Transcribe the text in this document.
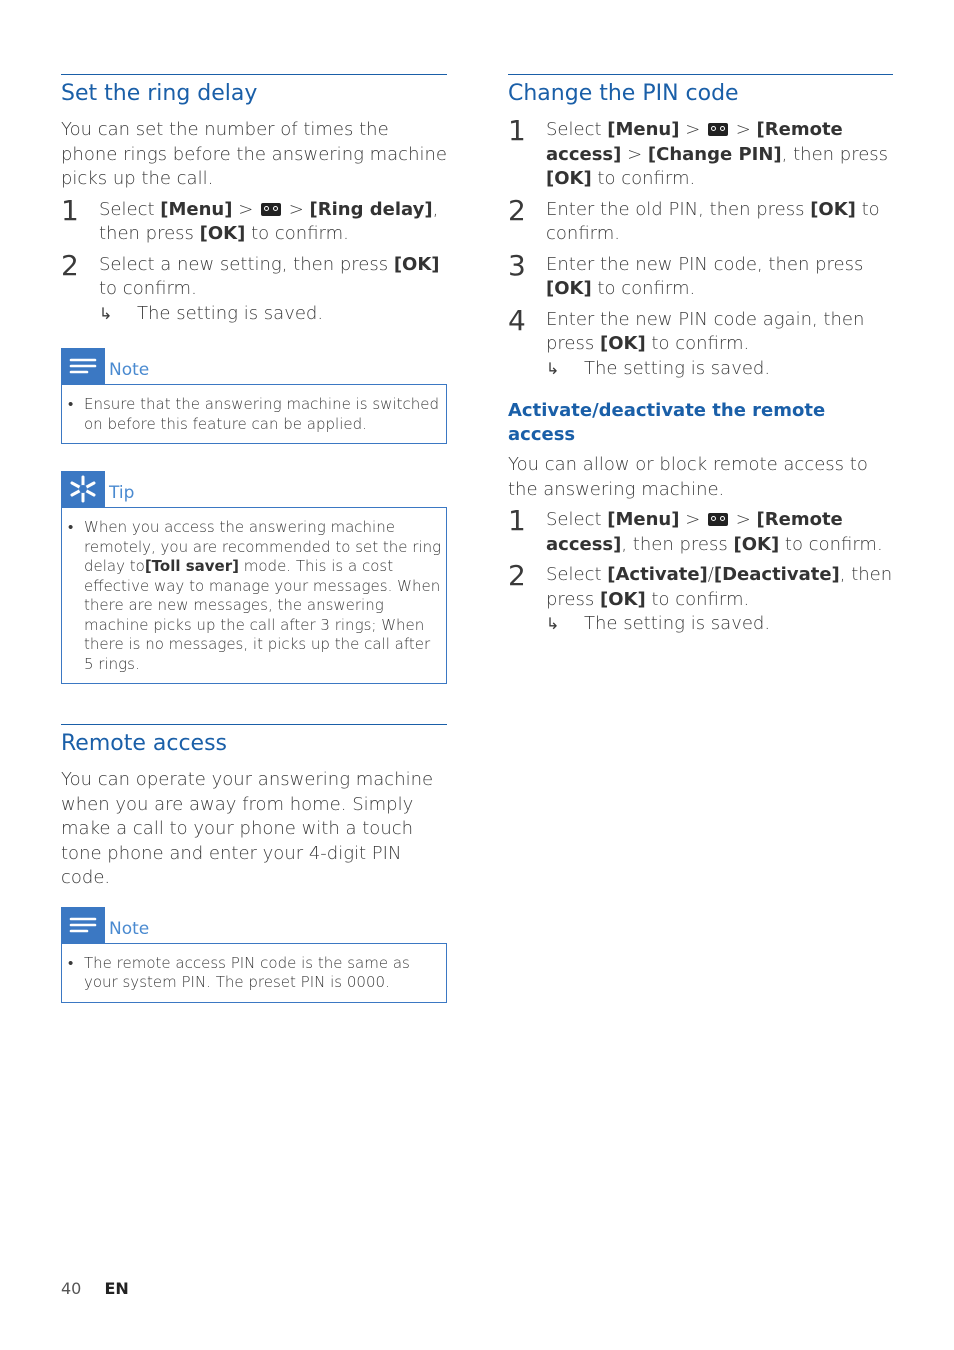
Set the ring delay

You can set the number of times the phone rings before the answering machine picks up the call.

1	Select [Menu] >  > [Ring delay], then press [OK] to confirm.
2	Select a new setting, then press [OK] to confirm.
↳	The setting is saved.
Note
• Ensure that the answering machine is switched on before this feature can be applied.
Tip
• When you access the answering machine remotely, you are recommended to set the ring delay to[Toll saver] mode. This is a cost effective way to manage your messages. When there are new messages, the answering machine picks up the call after 3 rings; When there is no messages, it picks up the call after 5 rings.
Remote access

You can operate your answering machine when you are away from home. Simply make a call to your phone with a touch tone phone and enter your 4-digit PIN code.

Note
• The remote access PIN code is the same as your system PIN. The preset PIN is 0000.
Change the PIN code
1	Select [Menu] >  > [Remote access] > [Change PIN], then press [OK] to confirm.
2	Enter the old PIN, then press [OK] to confirm.
3	Enter the new PIN code, then press [OK] to confirm.
4	Enter the new PIN code again, then press [OK] to confirm.
↳	The setting is saved.
Activate/deactivate the remote access

You can allow or block remote access to the answering machine.

1	Select [Menu] >  > [Remote access], then press [OK] to confirm.
2	Select [Activate]/[Deactivate], then press [OK] to confirm.
↳	The setting is saved.
40 EN
